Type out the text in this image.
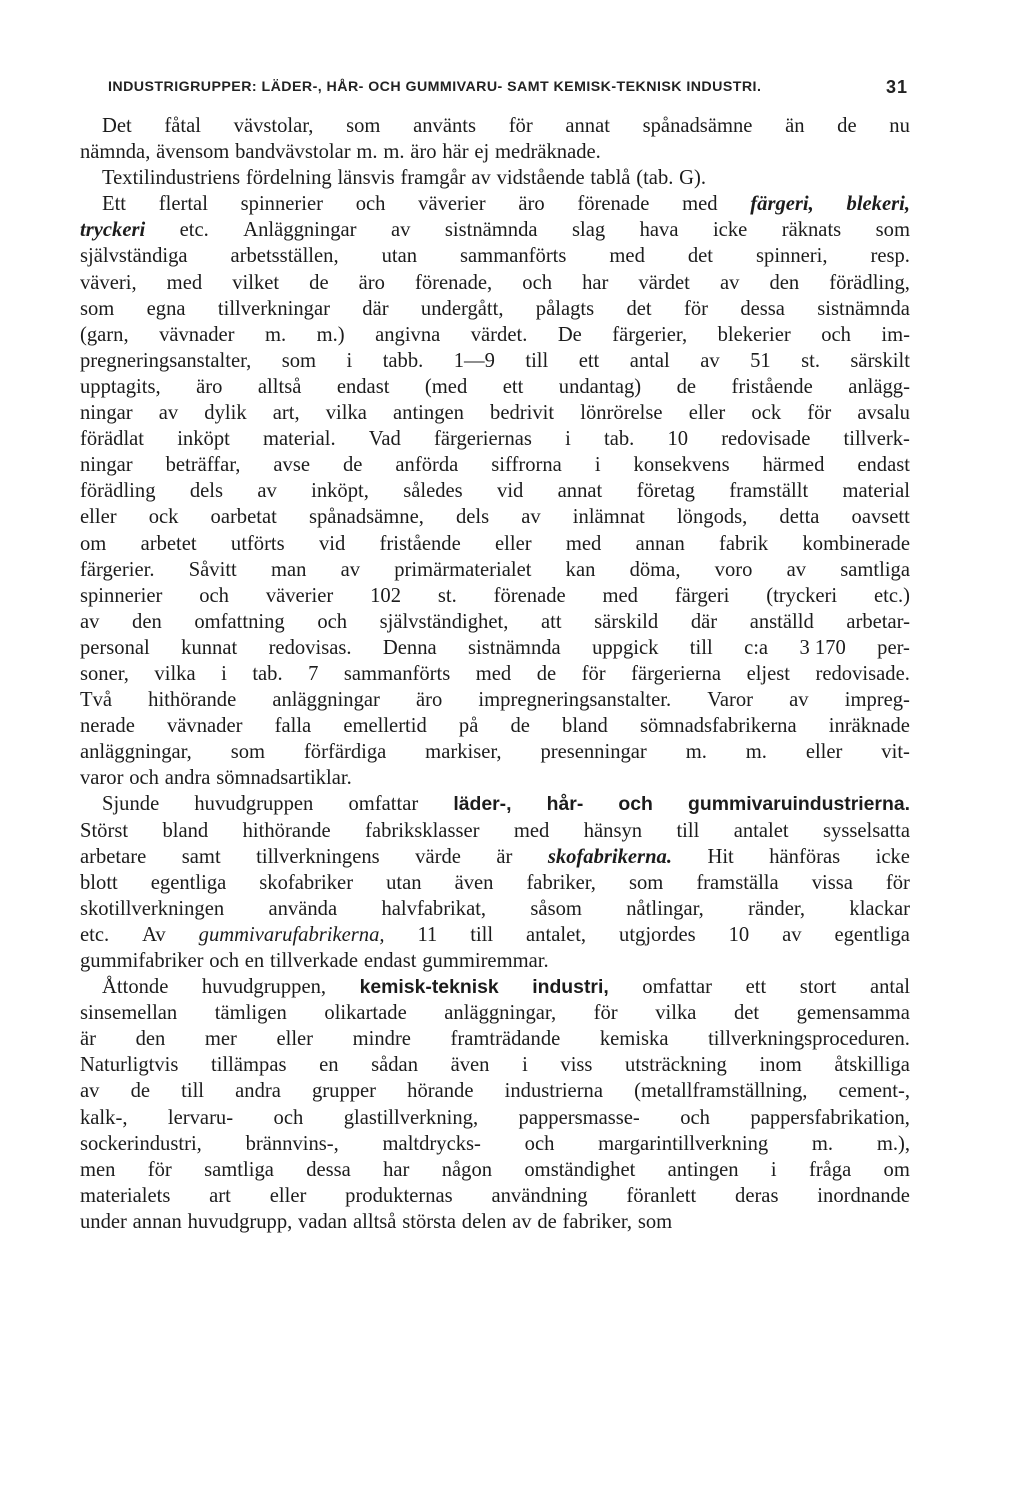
INDUSTRIGRUPPER: LÄDER-, HÅR- OCH GUMMIVARU- SAMT KEMISK-TEKNISK INDUSTRI.	31
Det fåtal vävstolar, som använts för annat spånadsämne än de nu
nämnda, ävensom bandvävstolar m. m. äro här ej medräknade.
Textilindustriens fördelning länsvis framgår av vidstående tablå (tab. G).
Ett flertal spinnerier och väverier äro förenade med färgeri, blekeri,
tryckeri etc. Anläggningar av sistnämnda slag hava icke räknats som
självständiga arbetsställen, utan sammanförts med det spinneri, resp.
väveri, med vilket de äro förenade, och har värdet av den förädling,
som egna tillverkningar där undergått, pålagts det för dessa sistnämnda
(garn, vävnader m. m.) angivna värdet. De färgerier, blekerier och im-
pregneringsanstalter, som i tabb. 1—9 till ett antal av 51 st. särskilt
upptagits, äro alltså endast (med ett undantag) de fristående anlägg-
ningar av dylik art, vilka antingen bedrivit lönrörelse eller ock för avsalu
förädlat inköpt material. Vad färgeriernas i tab. 10 redovisade tillverk-
ningar beträffar, avse de anförda siffrorna i konsekvens härmed endast
förädling dels av inköpt, således vid annat företag framställt material
eller ock oarbetat spånadsämne, dels av inlämnat löngods, detta oavsett
om arbetet utförts vid fristående eller med annan fabrik kombinerade
färgerier. Såvitt man av primärmaterialet kan döma, voro av samtliga
spinnerier och väverier 102 st. förenade med färgeri (tryckeri etc.)
av den omfattning och självständighet, att särskild där anställd arbetar-
personal kunnat redovisas. Denna sistnämnda uppgick till c:a 3 170 per-
soner, vilka i tab. 7 sammanförts med de för färgerierna eljest redovisade.
Två hithörande anläggningar äro impregneringsanstalter. Varor av impreg-
nerade vävnader falla emellertid på de bland sömnadsfabrikerna inräknade
anläggningar, som förfärdiga markiser, presenningar m. m. eller vit-
varor och andra sömnadsartiklar.
Sjunde huvudgruppen omfattar läder-, hår- och gummivaruindustrierna.
Störst bland hithörande fabriksklasser med hänsyn till antalet sysselsatta
arbetare samt tillverkningens värde är skofabrikerna. Hit hänföras icke
blott egentliga skofabriker utan även fabriker, som framställa vissa för
skotillverkningen använda halvfabrikat, såsom nåtlingar, ränder, klackar
etc. Av gummivarufabrikerna, 11 till antalet, utgjordes 10 av egentliga
gummifabriker och en tillverkade endast gummiremmar.
Åttonde huvudgruppen, kemisk-teknisk industri, omfattar ett stort antal
sinsemellan tämligen olikartade anläggningar, för vilka det gemensamma
är den mer eller mindre framträdande kemiska tillverkningsproceduren.
Naturligtvis tillämpas en sådan även i viss utsträckning inom åtskilliga
av de till andra grupper hörande industrierna (metallframställning, cement-,
kalk-, lervaru- och glastillverkning, pappersmasse- och pappersfabrikation,
sockerindustri, brännvins-, maltdrycks- och margarintillverkning m. m.),
men för samtliga dessa har någon omständighet antingen i fråga om
materialets art eller produkternas användning föranlett deras inordnande
under annan huvudgrupp, vadan alltså största delen av de fabriker, som
